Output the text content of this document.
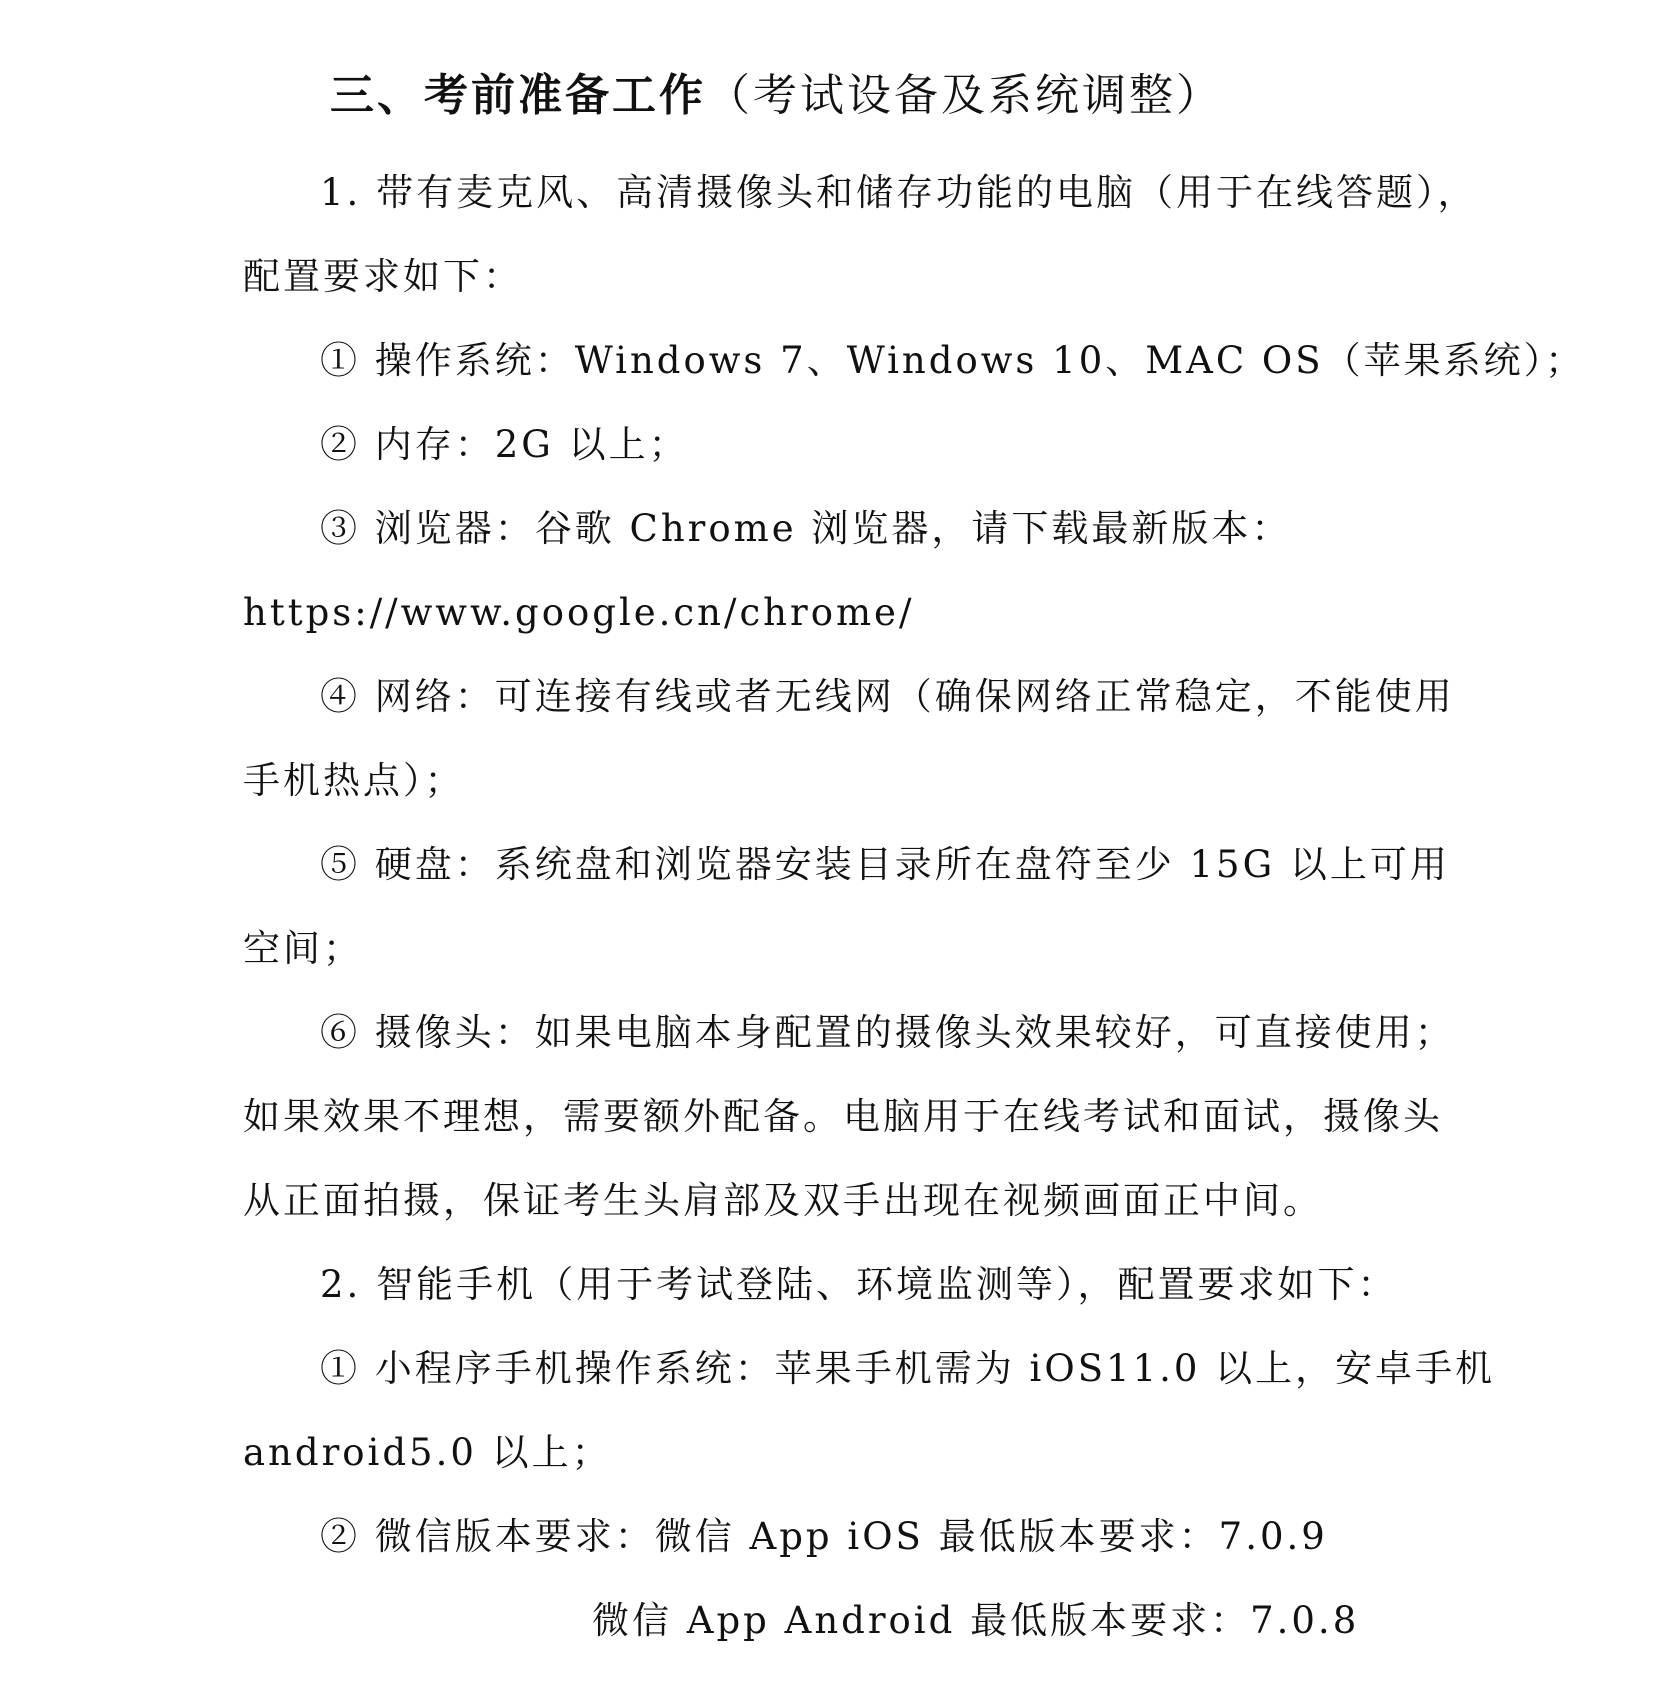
三、考前准备工作（考试设备及系统调整）
1. 带有麦克风、高清摄像头和储存功能的电脑（用于在线答题），
配置要求如下：
① 操作系统：Windows 7、Windows 10、MAC OS（苹果系统）；
② 内存：2G 以上；
③ 浏览器：谷歌 Chrome 浏览器，请下载最新版本：
https://www.google.cn/chrome/
④ 网络：可连接有线或者无线网（确保网络正常稳定，不能使用
手机热点）；
⑤ 硬盘：系统盘和浏览器安装目录所在盘符至少 15G 以上可用
空间；
⑥ 摄像头：如果电脑本身配置的摄像头效果较好，可直接使用；
如果效果不理想，需要额外配备。电脑用于在线考试和面试，摄像头
从正面拍摄，保证考生头肩部及双手出现在视频画面正中间。
2. 智能手机（用于考试登陆、环境监测等），配置要求如下：
① 小程序手机操作系统：苹果手机需为 iOS11.0 以上，安卓手机
android5.0 以上；
② 微信版本要求：微信 App iOS 最低版本要求：7.0.9
微信 App Android 最低版本要求：7.0.8
